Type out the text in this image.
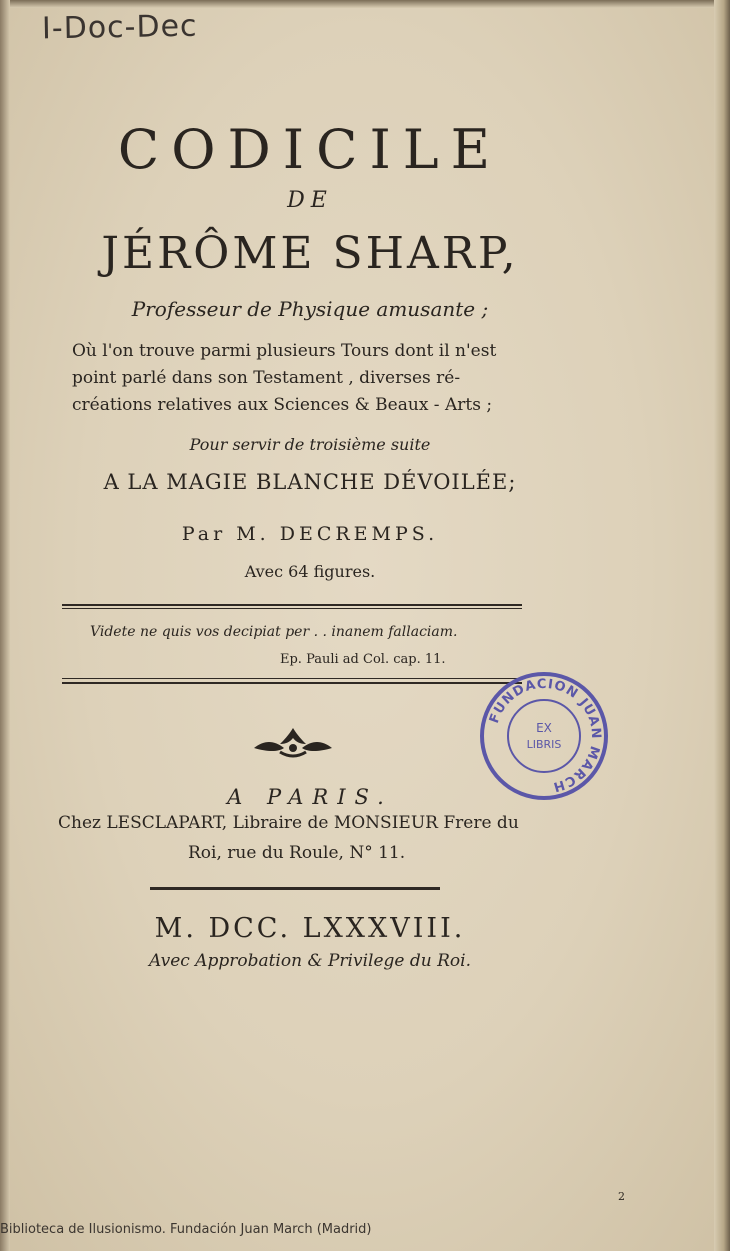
I-Doc-Dec
CODICILE
DE
JÉRÔME SHARP,
Professeur de Physique amusante ;
Où l'on trouve parmi plusieurs Tours dont il n'est
point parlé dans son Testament , diverses ré-
créations relatives aux Sciences & Beaux - Arts ;
Pour servir de troisième suite
A LA MAGIE BLANCHE DÉVOILÉE;
Par M. DECREMPS.
Avec 64 figures.
Videte ne quis vos decipiat per . . inanem fallaciam.
Ep. Pauli ad Col. cap. 11.
A PARIS.
Chez LESCLAPART, Libraire de MONSIEUR Frere du
Roi, rue du Roule, N° 11.
M. DCC. LXXXVIII.
Avec Approbation & Privilege du Roi.
FUNDACION JUAN MARCH
EX
LIBRIS
2
Biblioteca de Ilusionismo. Fundación Juan March (Madrid)
